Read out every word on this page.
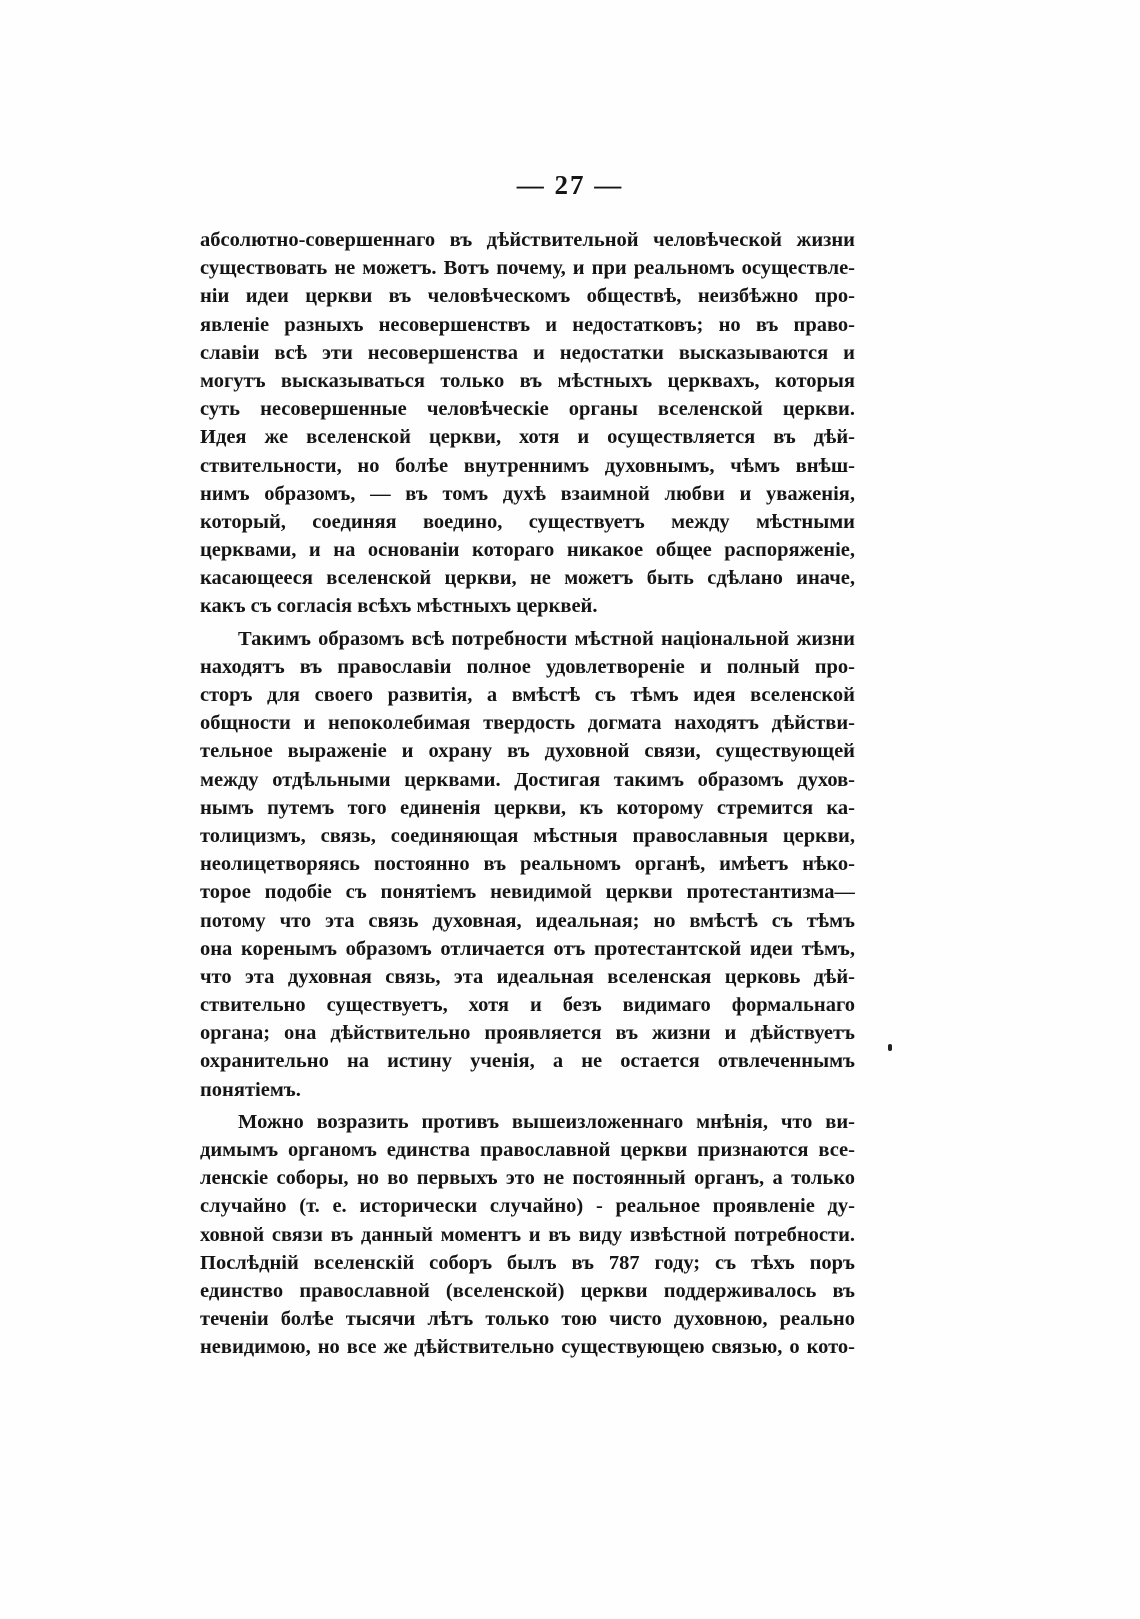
— 27 —
абсолютно-совершеннаго въ дѣйствительной человѣческой жизни
существовать не можетъ. Вотъ почему, и при реальномъ осуществле-
ніи идеи церкви въ человѣческомъ обществѣ, неизбѣжно про-
явленіе разныхъ несовершенствъ и недостатковъ; но въ право-
славіи всѣ эти несовершенства и недостатки высказываются и
могутъ высказываться только въ мѣстныхъ церквахъ, которыя
суть несовершенные человѣческіе органы вселенской церкви.
Идея же вселенской церкви, хотя и осуществляется въ дѣй-
ствительности, но болѣе внутреннимъ духовнымъ, чѣмъ внѣш-
нимъ образомъ, — въ томъ духѣ взаимной любви и уваженія,
который, соединяя воедино, существуетъ между мѣстными
церквами, и на основаніи котораго никакое общее распоряженіе,
касающееся вселенской церкви, не можетъ быть сдѣлано иначе,
какъ съ согласія всѣхъ мѣстныхъ церквей.
Такимъ образомъ всѣ потребности мѣстной національной жизни
находятъ въ православіи полное удовлетвореніе и полный про-
сторъ для своего развитія, а вмѣстѣ съ тѣмъ идея вселенской
общности и непоколебимая твердость догмата находятъ дѣйстви-
тельное выраженіе и охрану въ духовной связи, существующей
между отдѣльными церквами. Достигая такимъ образомъ духов-
нымъ путемъ того единенія церкви, къ которому стремится ка-
толицизмъ, связь, соединяющая мѣстныя православныя церкви,
неолицетворяясь постоянно въ реальномъ органѣ, имѣетъ нѣко-
торое подобіе съ понятіемъ невидимой церкви протестантизма—
потому что эта связь духовная, идеальная; но вмѣстѣ съ тѣмъ
она коренымъ образомъ отличается отъ протестантской идеи тѣмъ,
что эта духовная связь, эта идеальная вселенская церковь дѣй-
ствительно существуетъ, хотя и безъ видимаго формальнаго
органа; она дѣйствительно проявляется въ жизни и дѣйствуетъ
охранительно на истину ученія, а не остается отвлеченнымъ
понятіемъ.
Можно возразить противъ вышеизложеннаго мнѣнія, что ви-
димымъ органомъ единства православной церкви признаются все-
ленскіе соборы, но во первыхъ это не постоянный органъ, а только
случайно (т. е. исторически случайно) - реальное проявленіе ду-
ховной связи въ данный моментъ и въ виду извѣстной потребности.
Послѣдній вселенскій соборъ былъ въ 787 году; съ тѣхъ поръ
единство православной (вселенской) церкви поддерживалось въ
теченіи болѣе тысячи лѣтъ только тою чисто духовною, реально
невидимою, но все же дѣйствительно существующею связью, о кото-
